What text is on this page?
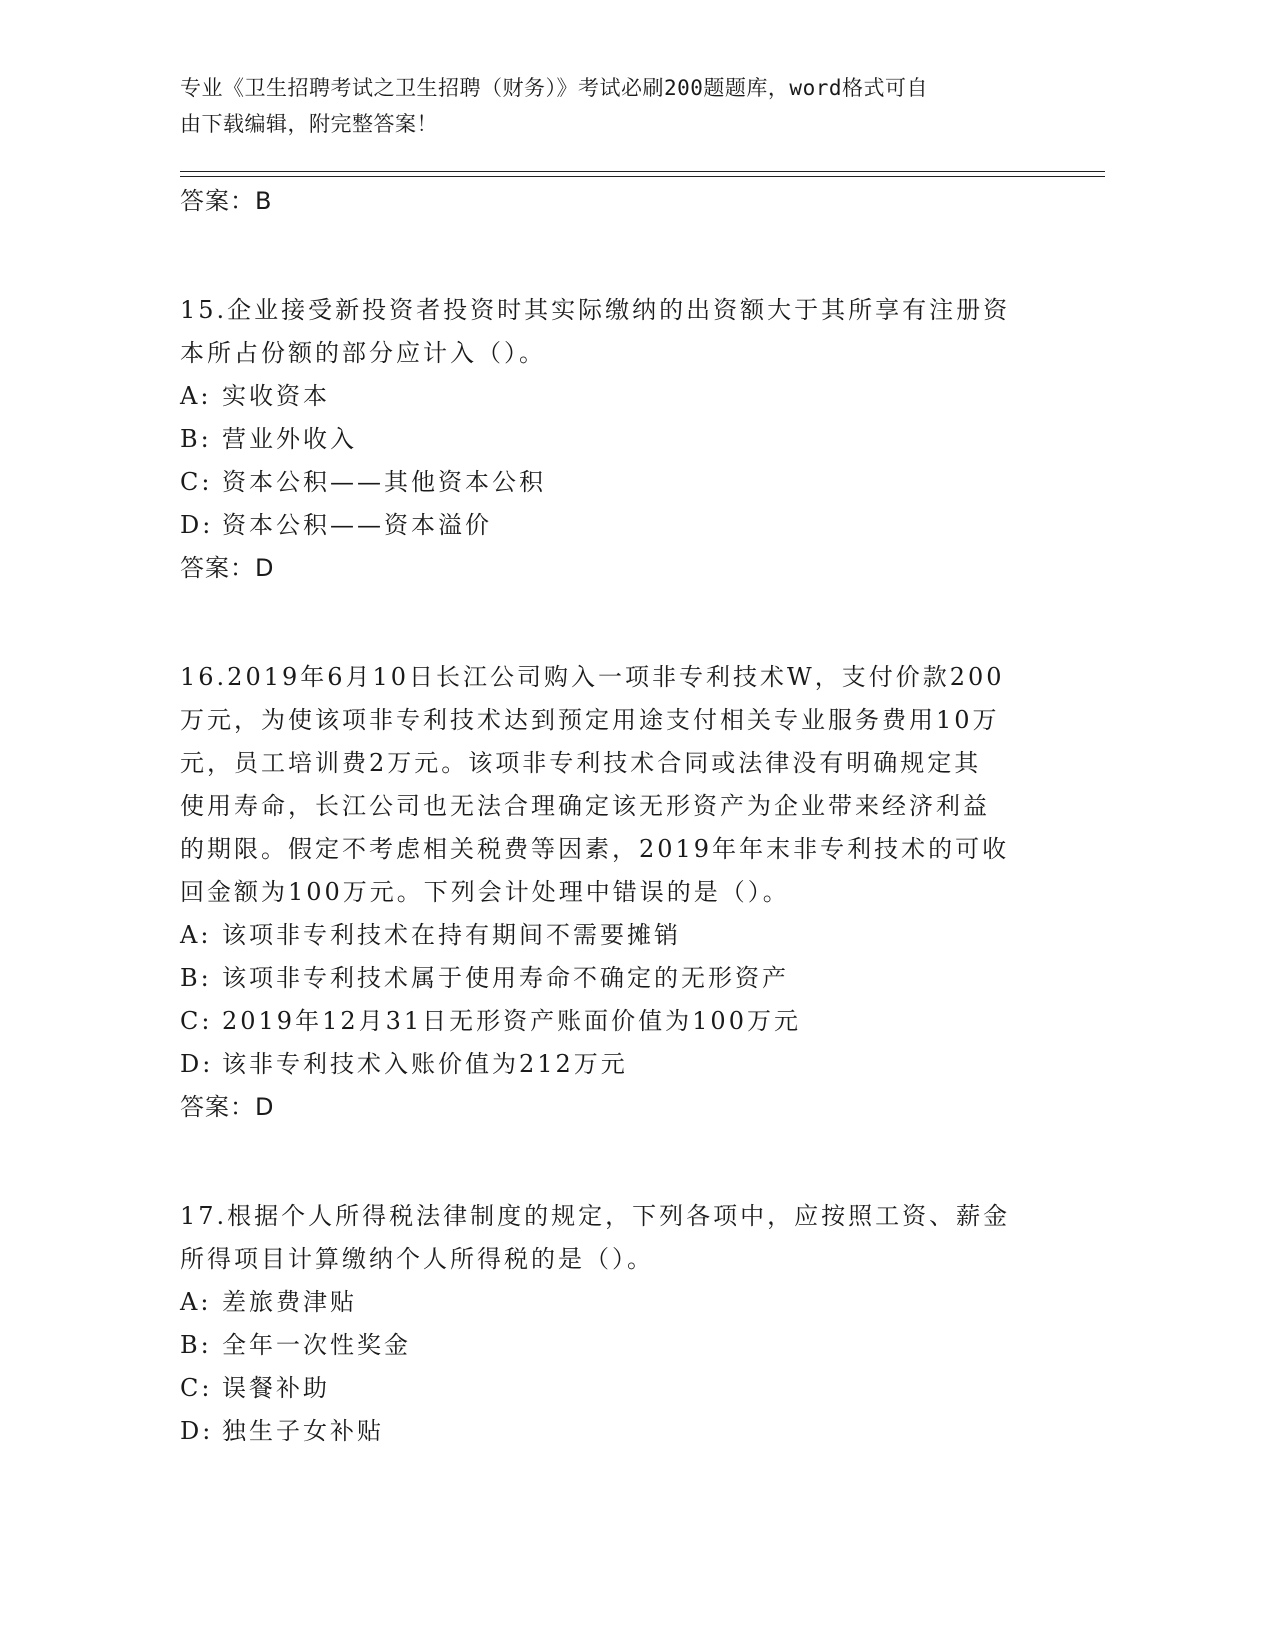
专业《卫生招聘考试之卫生招聘（财务）》考试必刷200题题库，word格式可自
由下载编辑，附完整答案！
答案：B
15.企业接受新投资者投资时其实际缴纳的出资额大于其所享有注册资
本所占份额的部分应计入（）。
A: 实收资本
B: 营业外收入
C: 资本公积——其他资本公积
D: 资本公积——资本溢价
答案：D
16.2019年6月10日长江公司购入一项非专利技术W，支付价款200
万元，为使该项非专利技术达到预定用途支付相关专业服务费用10万
元，员工培训费2万元。该项非专利技术合同或法律没有明确规定其
使用寿命，长江公司也无法合理确定该无形资产为企业带来经济利益
的期限。假定不考虑相关税费等因素，2019年年末非专利技术的可收
回金额为100万元。下列会计处理中错误的是（）。
A: 该项非专利技术在持有期间不需要摊销
B: 该项非专利技术属于使用寿命不确定的无形资产
C: 2019年12月31日无形资产账面价值为100万元
D: 该非专利技术入账价值为212万元
答案：D
17.根据个人所得税法律制度的规定，下列各项中，应按照工资、薪金
所得项目计算缴纳个人所得税的是（）。
A: 差旅费津贴
B: 全年一次性奖金
C: 误餐补助
D: 独生子女补贴
